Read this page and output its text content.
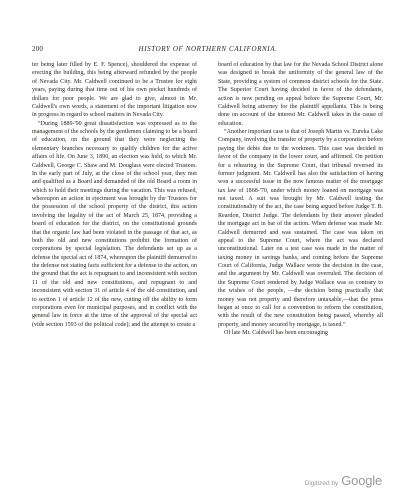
200	HISTORY OF NORTHERN CALIFORNIA.

ter being later filled by E. F. Spence), shouldered the expense of erecting the building, this being afterward refunded by the people of Nevada City. Mr. Caldwell continued to be a Trustee for eight years, paying during that time out of his own pocket hundreds of dollars for poor people. We are glad to give, almost in Mr. Caldwell's own words, a statement of the important litigation now in progress in regard to school matters in Nevada City.

“During 1889-'90 great dissatisfaction was expressed as to the management of the schools by the gentlemen claiming to be a board of education, on the ground that they were neglecting the elementary branches necessary to qualify children for the active affairs of life. On June 3, 1890, an election was held, to which Mr. Caldwell, George C. Shaw and M. Douglass were elected Trustees. In the early part of July, at the close of the school year, they met and qualified as a Board and demanded of the old Board a room in which to hold their meetings during the vacation. This was refused, whereupon an action in ejectment was brought by the Trustees for the possession of the school property of the district, this action involving the legality of the act of March 25, 1874, providing a board of education for the district, on the constitutional grounds that the organic law had been violated in the passage of that act, as both the old and new constitutions prohibit the formation of corporations by special legislation. The defendants set up as a defense the special act of 1874, whereupon the plaintiff demurred to the defense not stating facts sufficient for a defense to the action, on the ground that the act is repugnant to and inconsistent with section 11 of the old and new constitutions, and repugnant to and inconsistent with section 31 of article 4 of the old constitution, and to section 1 of article 12 of the new, cutting off the ability to form corporations even for municipal purposes, and in conflict with the general law in force at the time of the approval of the special act (vide section 1593 of the political code); and the attempt to create a

board of education by that law for the Nevada School District alone was designed to break the uniformity of the general law of the State, providing a system of common district schools for the State. The Superior Court having decided in favor of the defendants, action is now pending on appeal before the Supreme Court, Mr. Caldwell being attorney for the plaintiff appellants. This is being done on account of the interest Mr. Caldwell takes in the cause of education.

“Another important case is that of Joseph Martin vs. Eureka Lake Company, involving the transfer of property by a corporation before paying the debts due to the workmen. This case was decided in favor of the company in the lower court, and affirmed. On petition for a rehearing in the Supreme Court, that tribunal reversed its former judgment. Mr. Caldwell has also the satisfaction of having won a successful issue in the now famous matter of the mortgage tax law of 1868-'70, under which money loaned on mortgage was not taxed. A suit was brought by Mr. Caldwell testing the constitutionality of the act, the case being argued before Judge T. B. Reardon, District Judge. The defendants by their answer pleaded the mortgage act in bar of the action. When defense was made Mr. Caldwell demurred and was sustained. The case was taken on appeal to the Supreme Court, where the act was declared unconstitutional. Later on a test case was made in the matter of taxing money in savings banks, and coming before the Supreme Court of California, Judge Wallace wrote the decision in the case, and the argument by Mr. Caldwell was overruled. The decision of the Supreme Court rendered by Judge Wallace was so contrary to the wishes of the people, —the decision being practically that money was not property and therefore untaxable,—that the press began at once to call for a convention to reform the constitution, with the result of the new constitution being passed, whereby all property, and money secured by mortgage, is taxed.”

Of late Mr. Caldwell has been encouraging

Digitized by Google
